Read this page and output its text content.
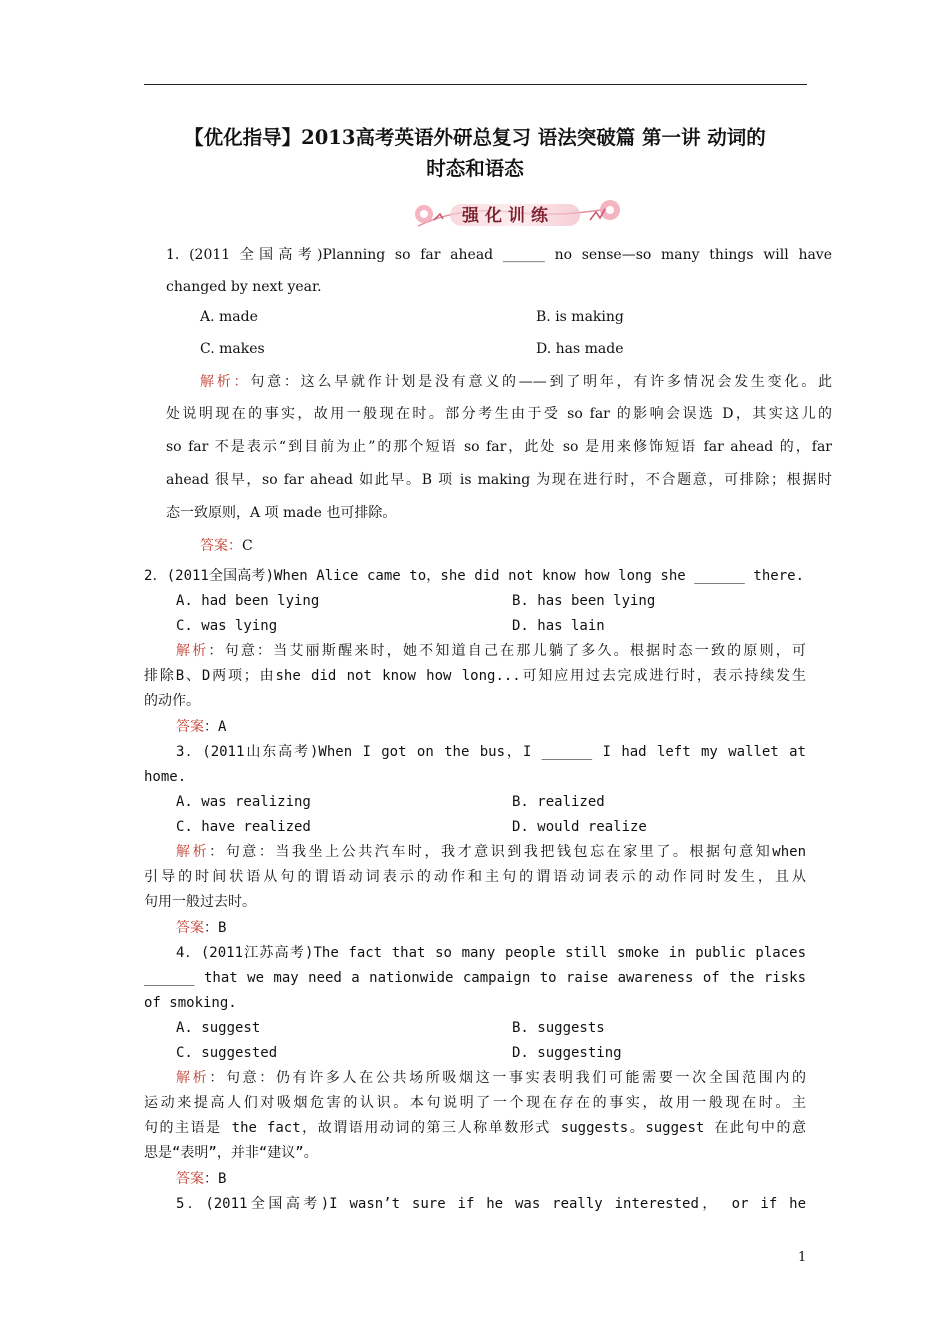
【优化指导】2013高考英语外研总复习 语法突破篇 第一讲 动词的
时态和语态
强化训练
1. (2011 全国高考)Planning so far ahead ______ no sense—so many things will have
changed by next year.
A. made	B. is making
C. makes	D. has made
解析：句意：这么早就作计划是没有意义的——到了明年，有许多情况会发生变化。此
处说明现在的事实，故用一般现在时。部分考生由于受 so far 的影响会误选 D，其实这儿的
so far 不是表示“到目前为止”的那个短语 so far，此处 so 是用来修饰短语 far ahead 的，far
ahead 很早，so far ahead 如此早。B 项 is making 为现在进行时，不合题意，可排除；根据时
态一致原则，A 项 made 也可排除。
答案：C
2．(2011全国高考)When Alice came to，she did not know how long she ______ there.
A. had been lying	B. has been lying
C. was lying	D. has lain
解析：句意：当艾丽斯醒来时，她不知道自己在那儿躺了多久。根据时态一致的原则，可
排除B、D两项；由she did not know how long...可知应用过去完成进行时，表示持续发生
的动作。
答案：A
3．(2011山东高考)When I got on the bus，I ______ I had left my wallet at
home.
A. was realizing	B. realized
C. have realized	D. would realize
解析：句意：当我坐上公共汽车时，我才意识到我把钱包忘在家里了。根据句意知when
引导的时间状语从句的谓语动词表示的动作和主句的谓语动词表示的动作同时发生，且从
句用一般过去时。
答案：B
4．(2011江苏高考)The fact that so many people still smoke in public places
______ that we may need a nationwide campaign to raise awareness of the risks
of smoking.
A. suggest	B. suggests
C. suggested	D. suggesting
解析：句意：仍有许多人在公共场所吸烟这一事实表明我们可能需要一次全国范围内的
运动来提高人们对吸烟危害的认识。本句说明了一个现在存在的事实，故用一般现在时。主
句的主语是 the fact，故谓语用动词的第三人称单数形式 suggests。suggest 在此句中的意
思是“表明”，并非“建议”。
答案：B
5．(2011全国高考)I wasn’t sure if he was really interested， or if he
1
